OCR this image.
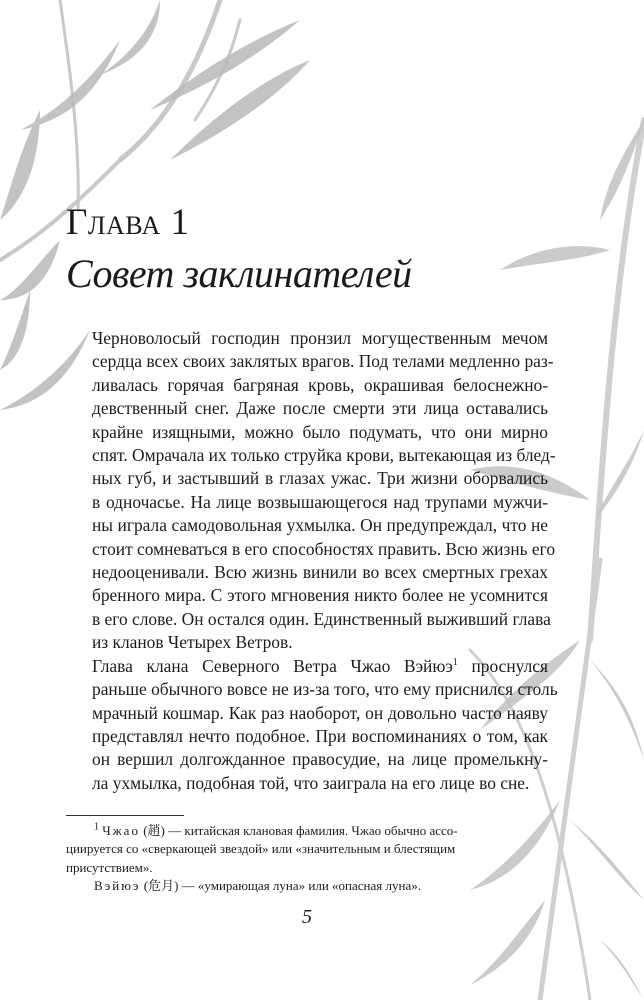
Глава 1
Совет заклинателей

Черноволосый господин пронзил могущественным мечом
сердца всех своих заклятых врагов. Под телами медленно раз-
ливалась горячая багряная кровь, окрашивая белоснежно-
девственный снег. Даже после смерти эти лица оставались
крайне изящными, можно было подумать, что они мирно
спят. Омрачала их только струйка крови, вытекающая из блед-
ных губ, и застывший в глазах ужас. Три жизни оборвались
в одночасье. На лице возвышающегося над трупами мужчи-
ны играла самодовольная ухмылка. Он предупреждал, что не
стоит сомневаться в его способностях править. Всю жизнь его
недооценивали. Всю жизнь винили во всех смертных грехах
бренного мира. С этого мгновения никто более не усомнится
в его слове. Он остался один. Единственный выживший глава
из кланов Четырех Ветров.

Глава клана Северного Ветра Чжао Вэйюэ$^1$ проснулся
раньше обычного вовсе не из-за того, что ему приснился столь
мрачный кошмар. Как раз наоборот, он довольно часто наяву
представлял нечто подобное. При воспоминаниях о том, как
он вершил долгожданное правосудие, на лице промелькну-
ла ухмылка, подобная той, что заиграла на его лице во сне.

$^1$ Чжао (趙) — китайская клановая фамилия. Чжао обычно ассо-

циируется со «сверкающей звездой» или «значительным и блестящим

присутствием».

Вэйюэ (危月) — «умирающая луна» или «опасная луна».

5
